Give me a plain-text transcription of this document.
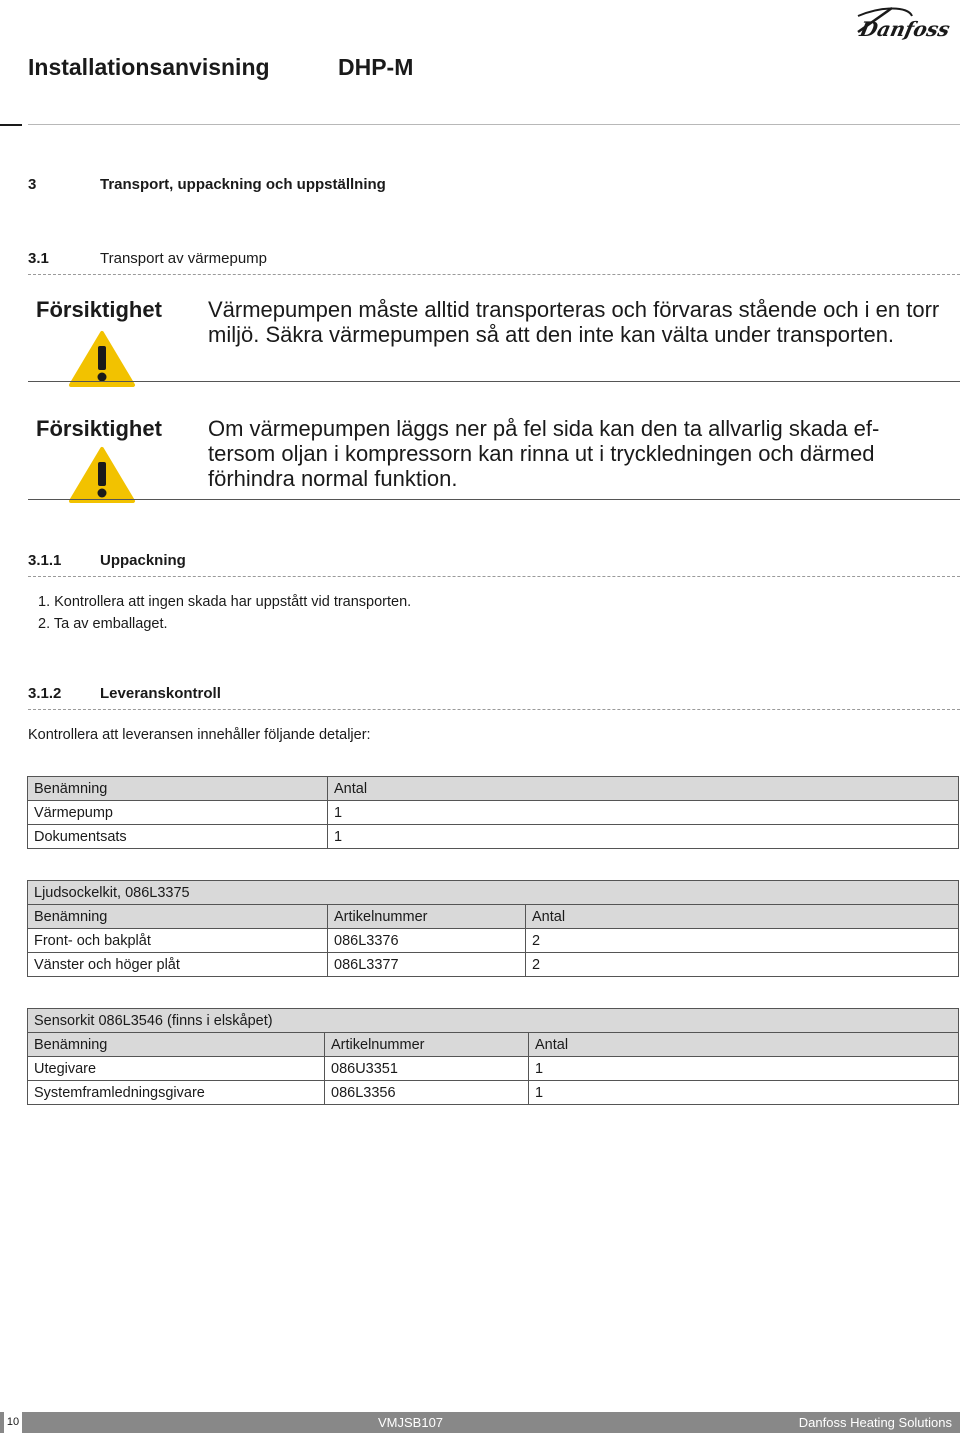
Installationsanvisning	DHP-M
Danfoss
3	Transport, uppackning och uppställning
3.1	Transport av värmepump
Försiktighet Värmepumpen måste alltid transporteras och förvaras stående och i en torr miljö. Säkra värmepumpen så att den inte kan välta under transporten.
Försiktighet Om värmepumpen läggs ner på fel sida kan den ta allvarlig skada ef- tersom oljan i kompressorn kan rinna ut i tryckledningen och därmed förhindra normal funktion.
3.1.1	Uppackning
1. Kontrollera att ingen skada har uppstått vid transporten.
2. Ta av emballaget.
3.1.2	Leveranskontroll
Kontrollera att leveransen innehåller följande detaljer:
Benämning	Antal
Värmepump	1
Dokumentsats	1
Ljudsockelkit, 086L3375		
Benämning	Artikelnummer	Antal
Front- och bakplåt	086L3376	2
Vänster och höger plåt	086L3377	2
Sensorkit 086L3546 (finns i elskåpet)		
Benämning	Artikelnummer	Antal
Utegivare	086U3351	1
Systemframledningsgivare	086L3356	1
10	VMJSB107	Danfoss Heating Solutions
